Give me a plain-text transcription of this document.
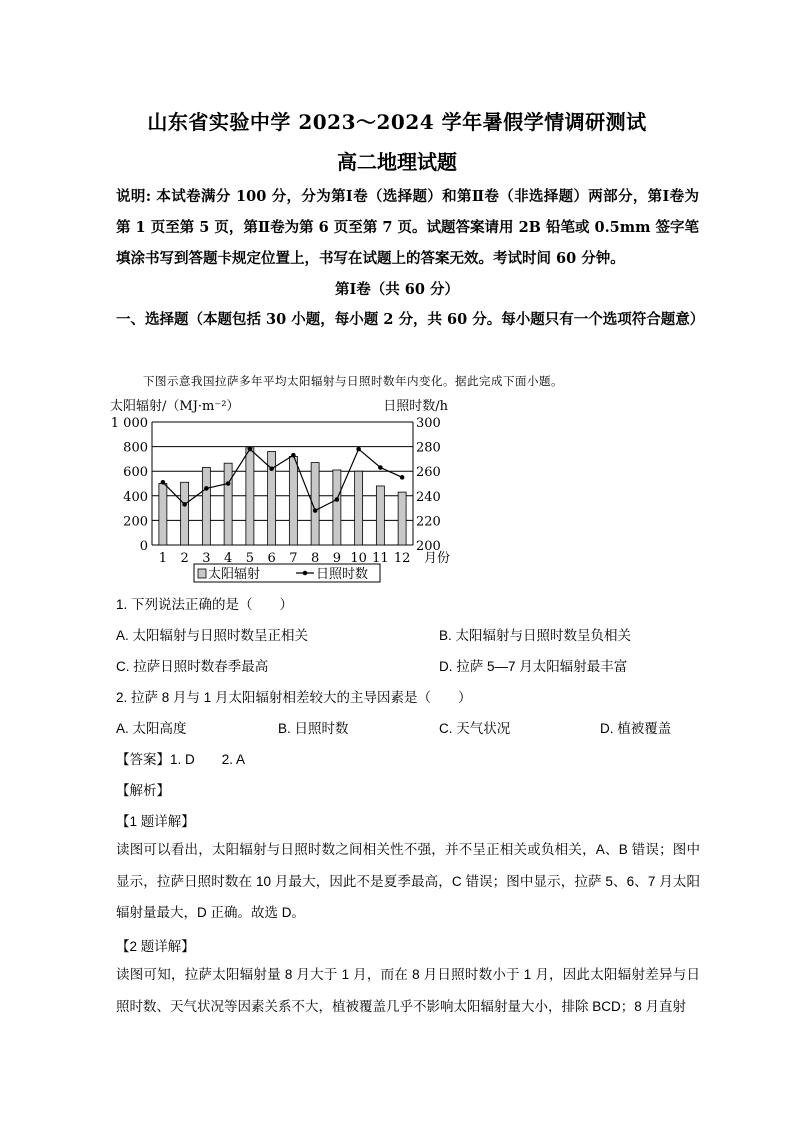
山东省实验中学 2023～2024 学年暑假学情调研测试
高二地理试题
说明: 本试卷满分 100 分，分为第Ⅰ卷（选择题）和第Ⅱ卷（非选择题）两部分，第Ⅰ卷为第 1 页至第 5 页，第Ⅱ卷为第 6 页至第 7 页。试题答案请用 2B 铅笔或 0.5mm 签字笔填涂书写到答题卡规定位置上，书写在试题上的答案无效。考试时间 60 分钟。
第Ⅰ卷（共 60 分）
一、选择题（本题包括 30 小题，每小题 2 分，共 60 分。每小题只有一个选项符合题意）
下图示意我国拉萨多年平均太阳辐射与日照时数年内变化。据此完成下面小题。
太阳辐射/（MJ·m⁻²）	日照时数/h
月份
0	200
200	220
400	240
600	260
800	280
1 000	300
1 2 3 4 5 6 7 8 9 10 11 12
太阳辐射	日照时数
1. 下列说法正确的是（　　）
A. 太阳辐射与日照时数呈正相关	B. 太阳辐射与日照时数呈负相关
C. 拉萨日照时数春季最高	D. 拉萨 5—7 月太阳辐射最丰富
2. 拉萨 8 月与 1 月太阳辐射相差较大的主导因素是（　　）
A. 太阳高度	B. 日照时数	C. 天气状况	D. 植被覆盖
【答案】1. D　　2. A
【解析】
【1 题详解】
读图可以看出，太阳辐射与日照时数之间相关性不强，并不呈正相关或负相关，A、B 错误；图中显示，拉萨日照时数在 10 月最大，因此不是夏季最高，C 错误；图中显示，拉萨 5、6、7 月太阳辐射量最大，D 正确。故选 D。
【2 题详解】
读图可知，拉萨太阳辐射量 8 月大于 1 月，而在 8 月日照时数小于 1 月，因此太阳辐射差异与日照时数、天气状况等因素关系不大，植被覆盖几乎不影响太阳辐射量大小，排除 BCD；8 月直射
